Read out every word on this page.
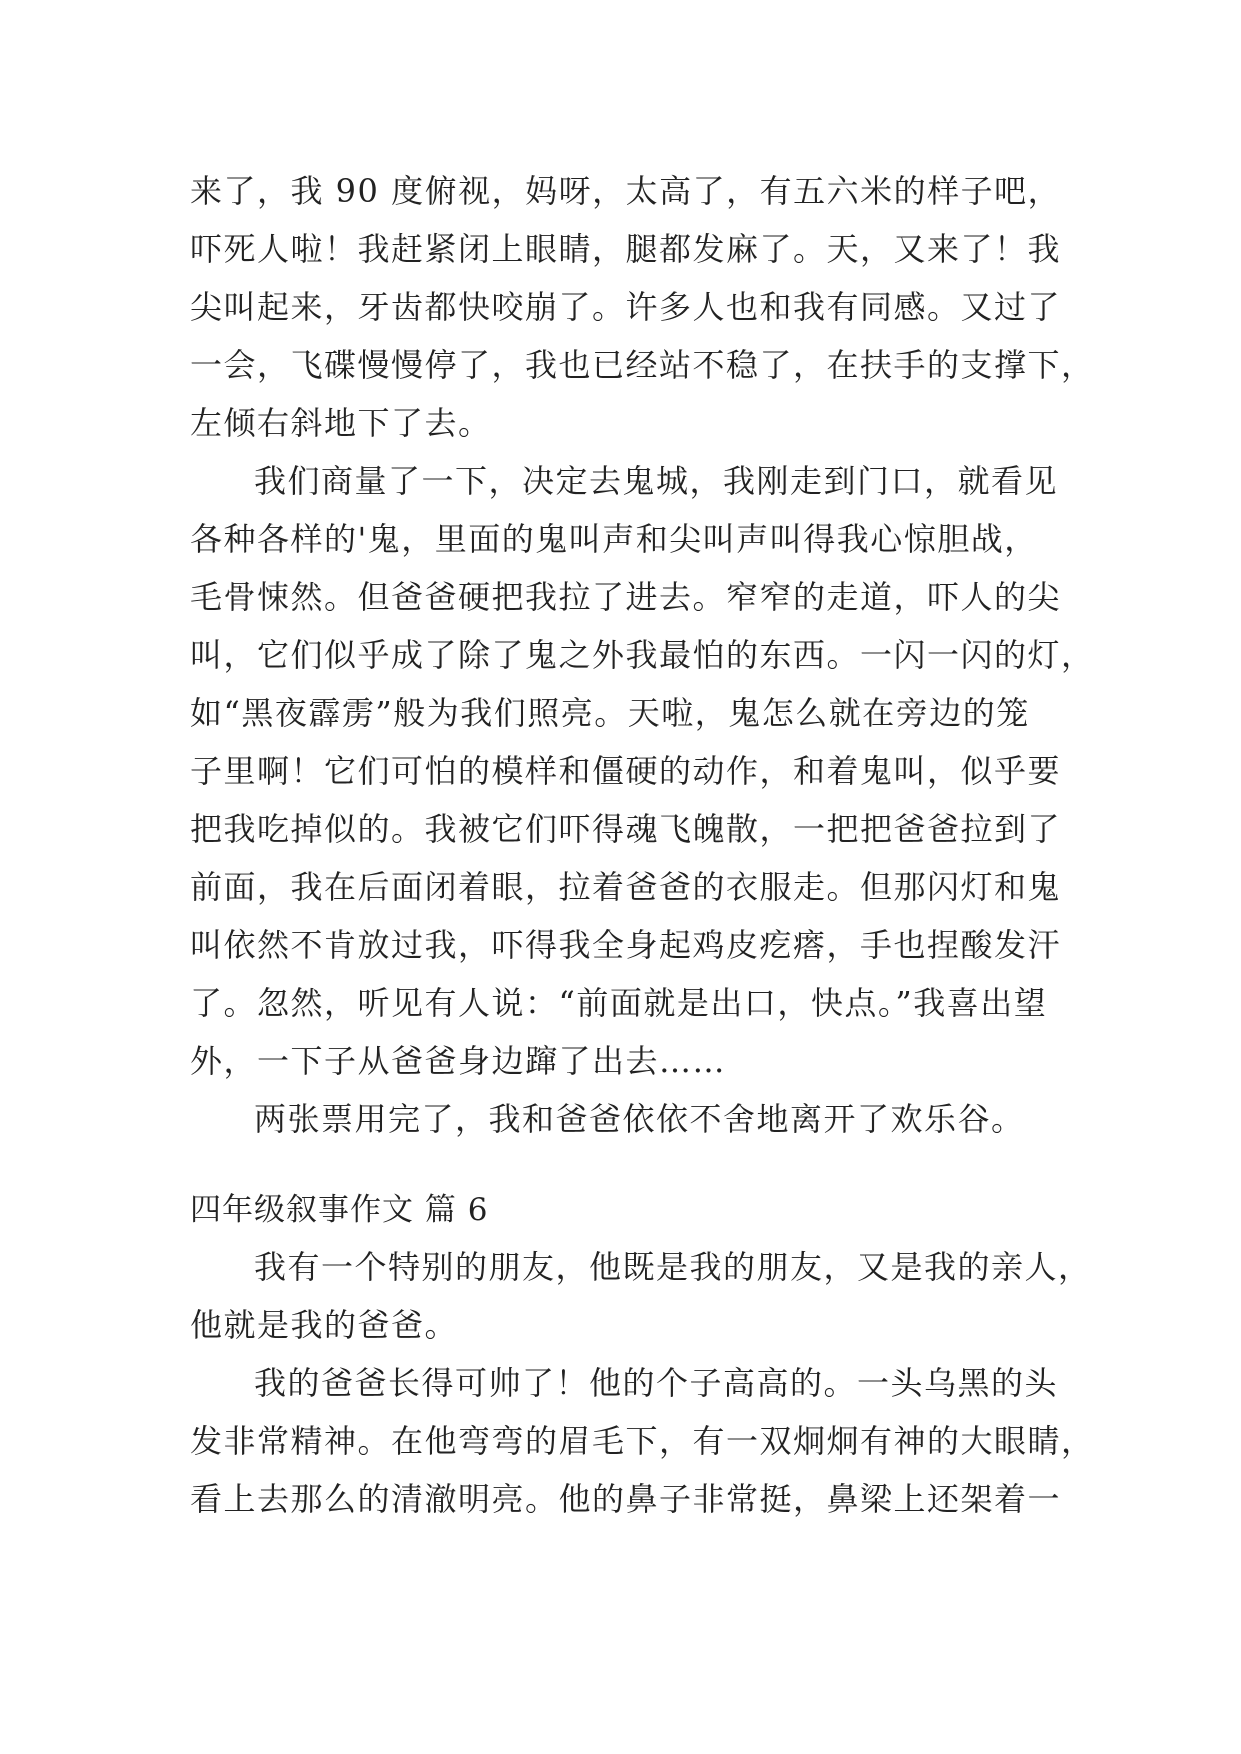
来了，我 90 度俯视，妈呀，太高了，有五六米的样子吧，

吓死人啦！我赶紧闭上眼睛，腿都发麻了。天，又来了！我

尖叫起来，牙齿都快咬崩了。许多人也和我有同感。又过了

一会，飞碟慢慢停了，我也已经站不稳了，在扶手的支撑下，

左倾右斜地下了去。

我们商量了一下，决定去鬼城，我刚走到门口，就看见

各种各样的'鬼，里面的鬼叫声和尖叫声叫得我心惊胆战，

毛骨悚然。但爸爸硬把我拉了进去。窄窄的走道，吓人的尖

叫，它们似乎成了除了鬼之外我最怕的东西。一闪一闪的灯，

如“黑夜霹雳”般为我们照亮。天啦，鬼怎么就在旁边的笼

子里啊！它们可怕的模样和僵硬的动作，和着鬼叫，似乎要

把我吃掉似的。我被它们吓得魂飞魄散，一把把爸爸拉到了

前面，我在后面闭着眼，拉着爸爸的衣服走。但那闪灯和鬼

叫依然不肯放过我，吓得我全身起鸡皮疙瘩，手也捏酸发汗

了。忽然，听见有人说：“前面就是出口，快点。”我喜出望

外，一下子从爸爸身边蹿了出去……

两张票用完了，我和爸爸依依不舍地离开了欢乐谷。

四年级叙事作文 篇 6

我有一个特别的朋友，他既是我的朋友，又是我的亲人，

他就是我的爸爸。

我的爸爸长得可帅了！他的个子高高的。一头乌黑的头

发非常精神。在他弯弯的眉毛下，有一双炯炯有神的大眼睛，

看上去那么的清澈明亮。他的鼻子非常挺，鼻梁上还架着一
